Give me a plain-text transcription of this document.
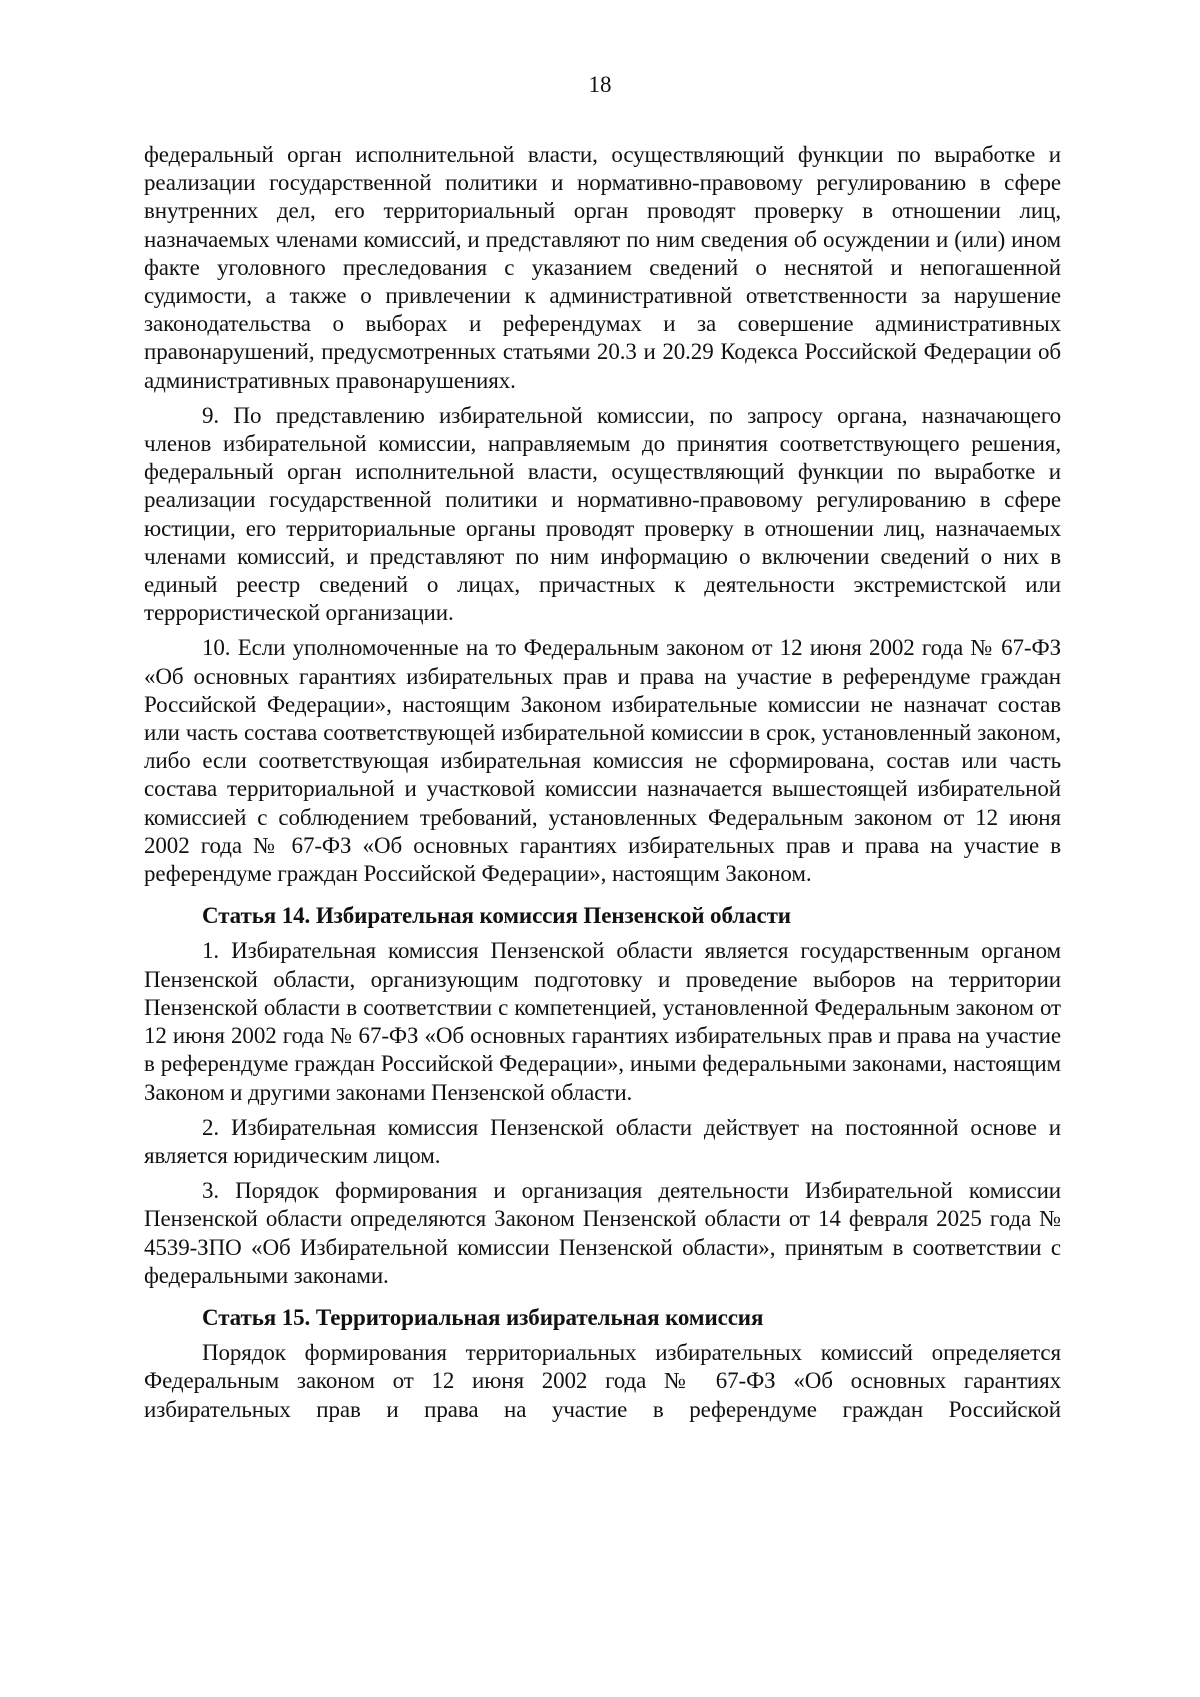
18

федеральный орган исполнительной власти, осуществляющий функции по выработке и реализации государственной политики и нормативно-правовому регулированию в сфере внутренних дел, его территориальный орган проводят проверку в отношении лиц, назначаемых членами комиссий, и представляют по ним сведения об осуждении и (или) ином факте уголовного преследования с указанием сведений о неснятой и непогашенной судимости, а также о привлечении к административной ответственности за нарушение законодательства о выборах и референдумах и за совершение административных правонарушений, предусмотренных статьями 20.3 и 20.29 Кодекса Российской Федерации об административных правонарушениях.

9. По представлению избирательной комиссии, по запросу органа, назначающего членов избирательной комиссии, направляемым до принятия соответствующего решения, федеральный орган исполнительной власти, осуществляющий функции по выработке и реализации государственной политики и нормативно-правовому регулированию в сфере юстиции, его территориальные органы проводят проверку в отношении лиц, назначаемых членами комиссий, и представляют по ним информацию о включении сведений о них в единый реестр сведений о лицах, причастных к деятельности экстремистской или террористической организации.

10. Если уполномоченные на то Федеральным законом от 12 июня 2002 года № 67-ФЗ «Об основных гарантиях избирательных прав и права на участие в референдуме граждан Российской Федерации», настоящим Законом избирательные комиссии не назначат состав или часть состава соответствующей избирательной комиссии в срок, установленный законом, либо если соответствующая избирательная комиссия не сформирована, состав или часть состава территориальной и участковой комиссии назначается вышестоящей избирательной комиссией с соблюдением требований, установленных Федеральным законом от 12 июня 2002 года № 67-ФЗ «Об основных гарантиях избирательных прав и права на участие в референдуме граждан Российской Федерации», настоящим Законом.

Статья 14. Избирательная комиссия Пензенской области

1. Избирательная комиссия Пензенской области является государственным органом Пензенской области, организующим подготовку и проведение выборов на территории Пензенской области в соответствии с компетенцией, установленной Федеральным законом от 12 июня 2002 года № 67-ФЗ «Об основных гарантиях избирательных прав и права на участие в референдуме граждан Российской Федерации», иными федеральными законами, настоящим Законом и другими законами Пензенской области.

2. Избирательная комиссия Пензенской области действует на постоянной основе и является юридическим лицом.

3. Порядок формирования и организация деятельности Избирательной комиссии Пензенской области определяются Законом Пензенской области от 14 февраля 2025 года № 4539-ЗПО «Об Избирательной комиссии Пензенской области», принятым в соответствии с федеральными законами.

Статья 15. Территориальная избирательная комиссия

Порядок формирования территориальных избирательных комиссий определяется Федеральным законом от 12 июня 2002 года № 67-ФЗ «Об основных гарантиях избирательных прав и права на участие в референдуме граждан Российской
